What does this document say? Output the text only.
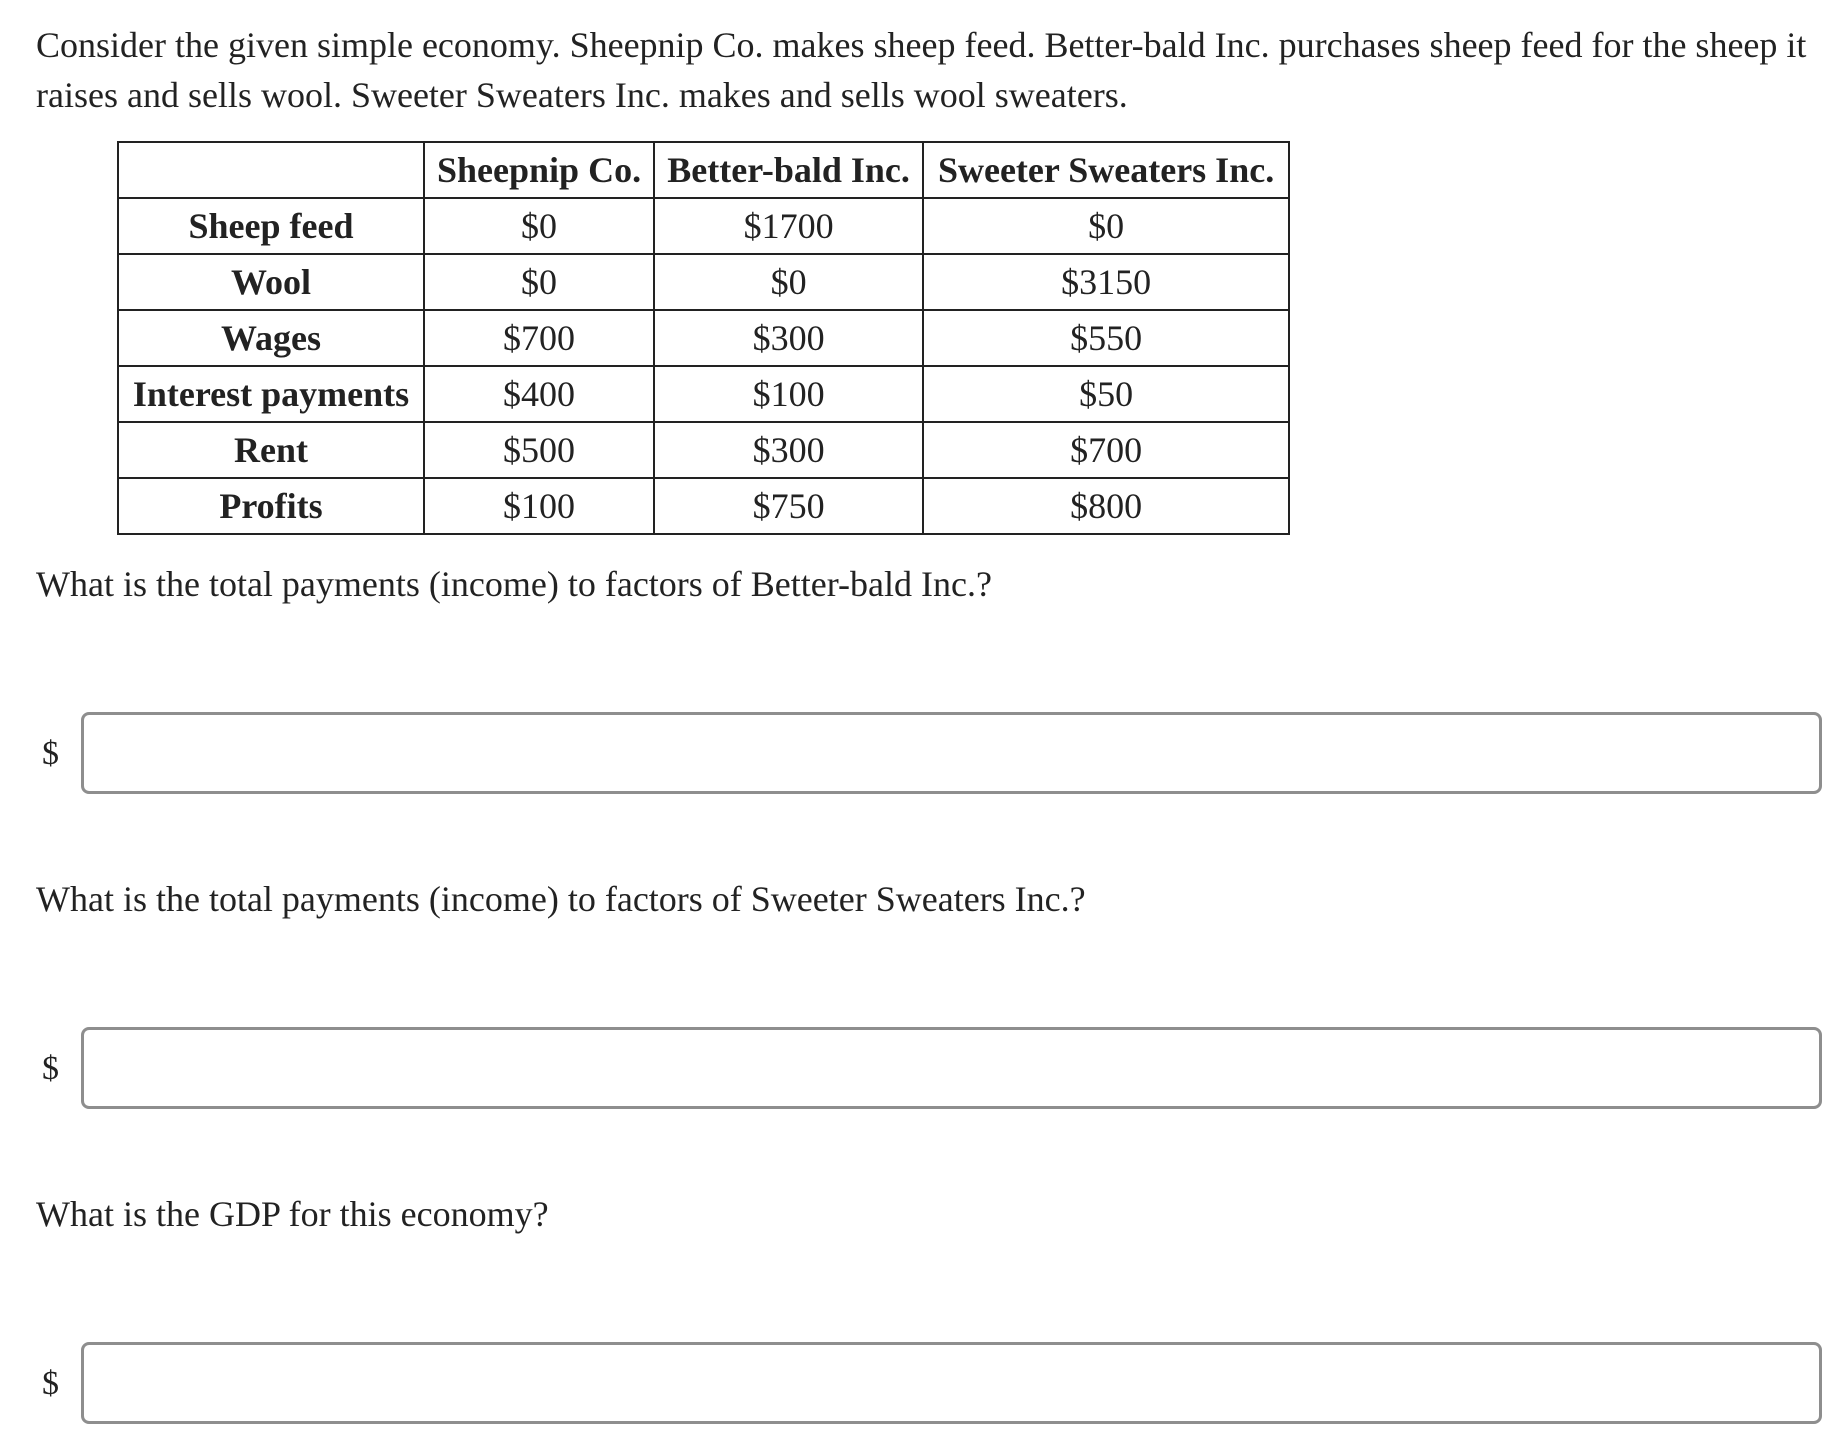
Consider the given simple economy. Sheepnip Co. makes sheep feed. Better-bald Inc. purchases sheep feed for the sheep it raises and sells wool. Sweeter Sweaters Inc. makes and sells wool sweaters.

	Sheepnip Co.	Better-bald Inc.	Sweeter Sweaters Inc.
Sheep feed	$0	$1700	$0
Wool	$0	$0	$3150
Wages	$700	$300	$550
Interest payments	$400	$100	$50
Rent	$500	$300	$700
Profits	$100	$750	$800

What is the total payments (income) to factors of Better-bald Inc.?

$

What is the total payments (income) to factors of Sweeter Sweaters Inc.?

$

What is the GDP for this economy?

$
